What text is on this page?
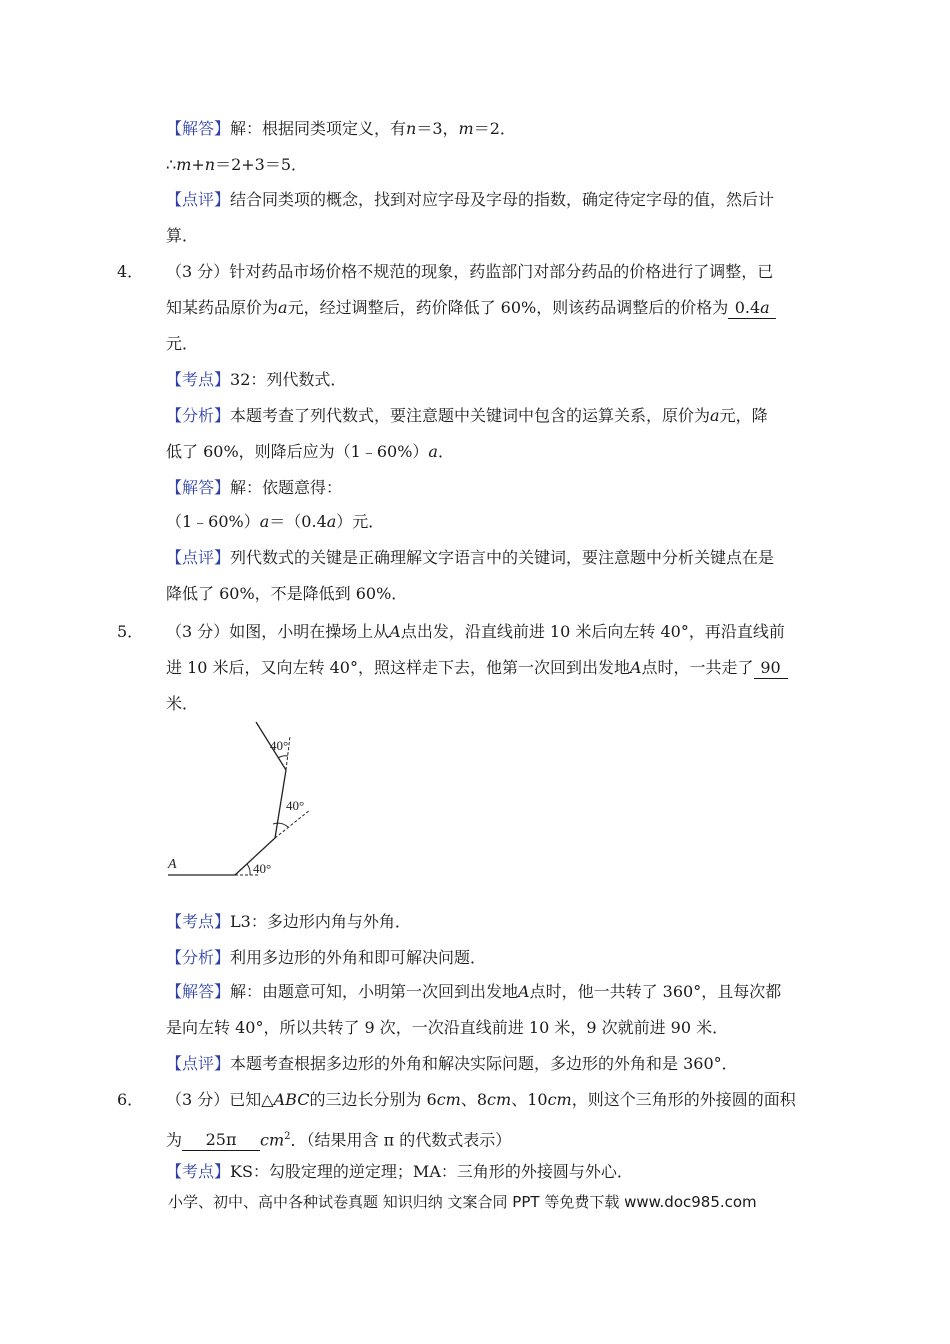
【解答】解：根据同类项定义，有n＝3，m＝2．
∴m+n＝2+3＝5．
【点评】结合同类项的概念，找到对应字母及字母的指数，确定待定字母的值，然后计
算．
4． （3 分）针对药品市场价格不规范的现象，药监部门对部分药品的价格进行了调整，已
知某药品原价为a元，经过调整后，药价降低了 60%，则该药品调整后的价格为 0.4a
元．
【考点】32：列代数式．
【分析】本题考查了列代数式，要注意题中关键词中包含的运算关系，原价为a元，降
低了 60%，则降后应为（1﹣60%）a．
【解答】解：依题意得：
（1﹣60%）a＝（0.4a）元．
【点评】列代数式的关键是正确理解文字语言中的关键词，要注意题中分析关键点在是
降低了 60%，不是降低到 60%．
5． （3 分）如图，小明在操场上从A点出发，沿直线前进 10 米后向左转 40°，再沿直线前
进 10 米后，又向左转 40°，照这样走下去，他第一次回到出发地A点时，一共走了 90
米．
A	40°
40°
40°
【考点】L3：多边形内角与外角．
【分析】利用多边形的外角和即可解决问题．
【解答】解：由题意可知，小明第一次回到出发地A点时，他一共转了 360°，且每次都
是向左转 40°，所以共转了 9 次，一次沿直线前进 10 米，9 次就前进 90 米．
【点评】本题考查根据多边形的外角和解决实际问题，多边形的外角和是 360°．
6． （3 分）已知△ABC的三边长分别为 6cm、8cm、10cm，则这个三角形的外接圆的面积
为 25π $cm^2$．（结果用含 π 的代数式表示）
【考点】KS：勾股定理的逆定理；MA：三角形的外接圆与外心．
小学、初中、高中各种试卷真题 知识归纳 文案合同 PPT 等免费下载 www.doc985.com
